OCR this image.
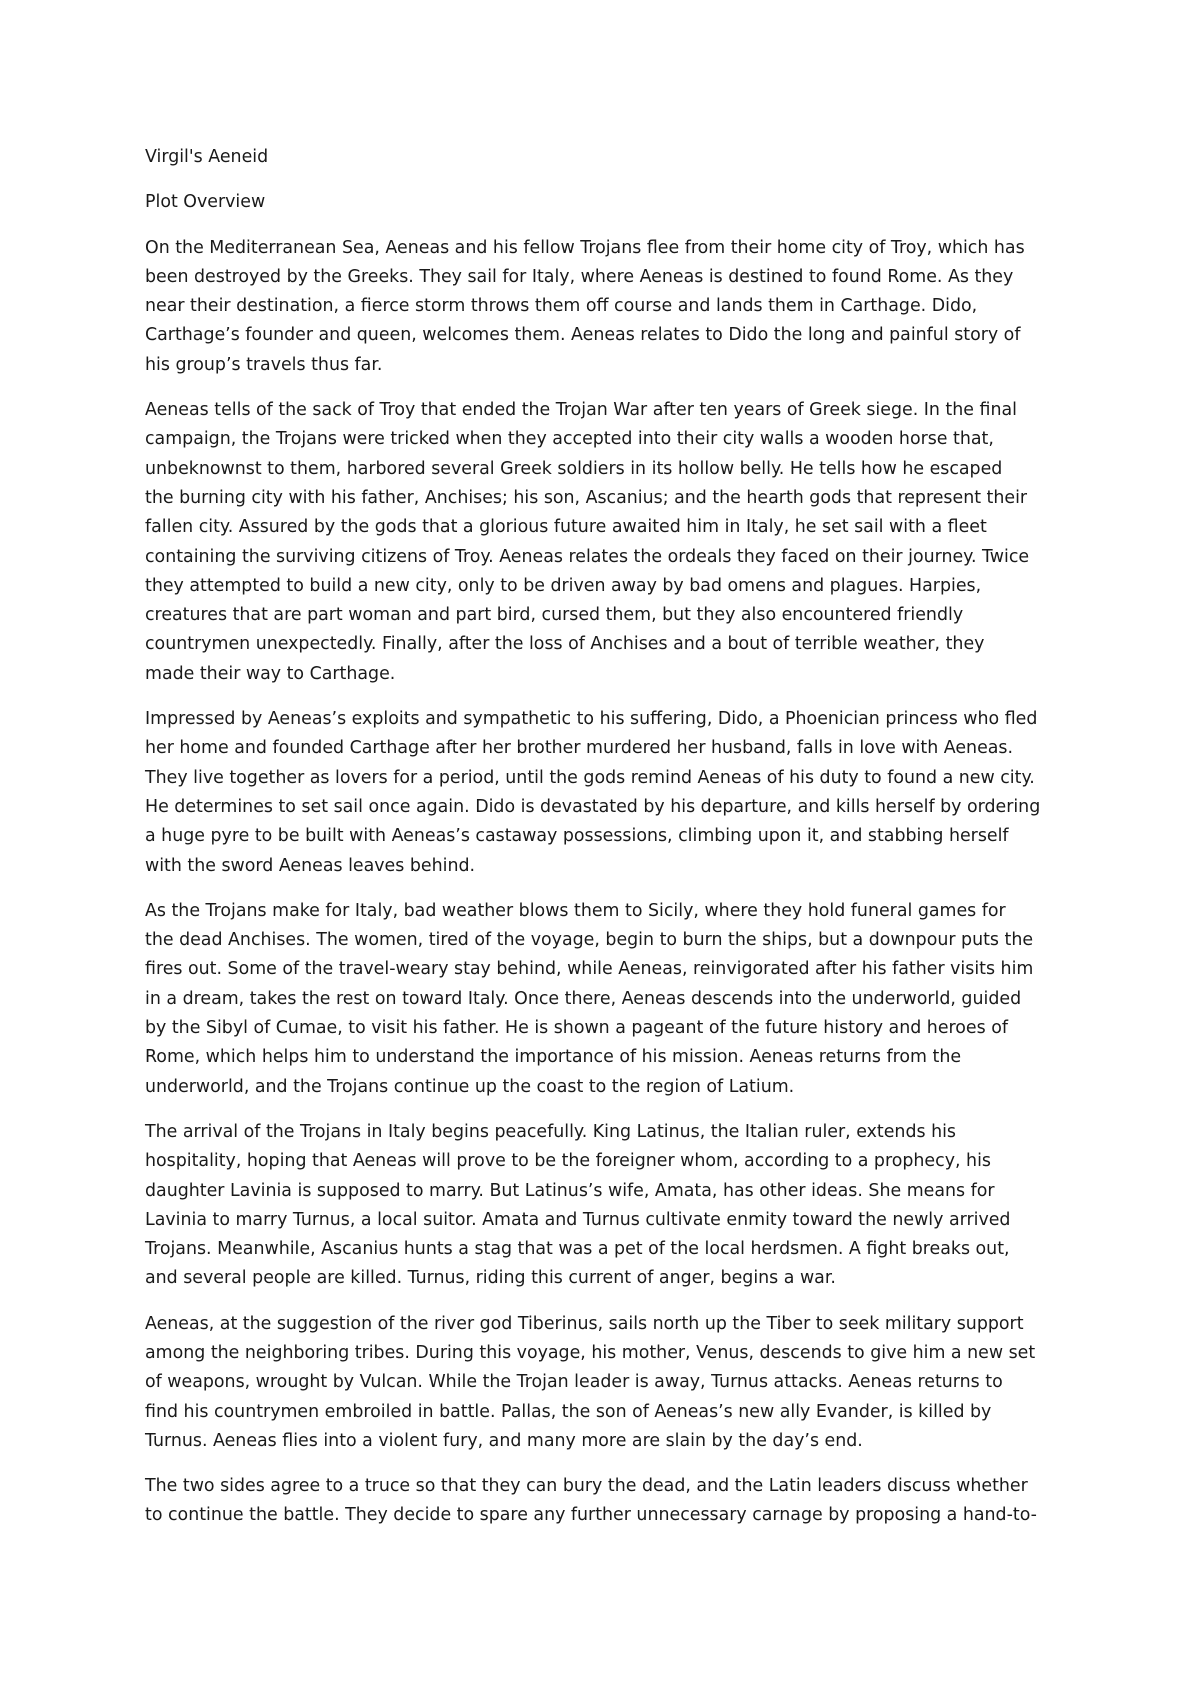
Virgil's Aeneid
Plot Overview

On the Mediterranean Sea, Aeneas and his fellow Trojans flee from their home city of Troy, which has
been destroyed by the Greeks. They sail for Italy, where Aeneas is destined to found Rome. As they
near their destination, a fierce storm throws them off course and lands them in Carthage. Dido,
Carthage’s founder and queen, welcomes them. Aeneas relates to Dido the long and painful story of
his group’s travels thus far.

Aeneas tells of the sack of Troy that ended the Trojan War after ten years of Greek siege. In the final
campaign, the Trojans were tricked when they accepted into their city walls a wooden horse that,
unbeknownst to them, harbored several Greek soldiers in its hollow belly. He tells how he escaped
the burning city with his father, Anchises; his son, Ascanius; and the hearth gods that represent their
fallen city. Assured by the gods that a glorious future awaited him in Italy, he set sail with a fleet
containing the surviving citizens of Troy. Aeneas relates the ordeals they faced on their journey. Twice
they attempted to build a new city, only to be driven away by bad omens and plagues. Harpies,
creatures that are part woman and part bird, cursed them, but they also encountered friendly
countrymen unexpectedly. Finally, after the loss of Anchises and a bout of terrible weather, they
made their way to Carthage.

Impressed by Aeneas’s exploits and sympathetic to his suffering, Dido, a Phoenician princess who fled
her home and founded Carthage after her brother murdered her husband, falls in love with Aeneas.
They live together as lovers for a period, until the gods remind Aeneas of his duty to found a new city.
He determines to set sail once again. Dido is devastated by his departure, and kills herself by ordering
a huge pyre to be built with Aeneas’s castaway possessions, climbing upon it, and stabbing herself
with the sword Aeneas leaves behind.

As the Trojans make for Italy, bad weather blows them to Sicily, where they hold funeral games for
the dead Anchises. The women, tired of the voyage, begin to burn the ships, but a downpour puts the
fires out. Some of the travel-weary stay behind, while Aeneas, reinvigorated after his father visits him
in a dream, takes the rest on toward Italy. Once there, Aeneas descends into the underworld, guided
by the Sibyl of Cumae, to visit his father. He is shown a pageant of the future history and heroes of
Rome, which helps him to understand the importance of his mission. Aeneas returns from the
underworld, and the Trojans continue up the coast to the region of Latium.

The arrival of the Trojans in Italy begins peacefully. King Latinus, the Italian ruler, extends his
hospitality, hoping that Aeneas will prove to be the foreigner whom, according to a prophecy, his
daughter Lavinia is supposed to marry. But Latinus’s wife, Amata, has other ideas. She means for
Lavinia to marry Turnus, a local suitor. Amata and Turnus cultivate enmity toward the newly arrived
Trojans. Meanwhile, Ascanius hunts a stag that was a pet of the local herdsmen. A fight breaks out,
and several people are killed. Turnus, riding this current of anger, begins a war.

Aeneas, at the suggestion of the river god Tiberinus, sails north up the Tiber to seek military support
among the neighboring tribes. During this voyage, his mother, Venus, descends to give him a new set
of weapons, wrought by Vulcan. While the Trojan leader is away, Turnus attacks. Aeneas returns to
find his countrymen embroiled in battle. Pallas, the son of Aeneas’s new ally Evander, is killed by
Turnus. Aeneas flies into a violent fury, and many more are slain by the day’s end.

The two sides agree to a truce so that they can bury the dead, and the Latin leaders discuss whether
to continue the battle. They decide to spare any further unnecessary carnage by proposing a hand-to-
